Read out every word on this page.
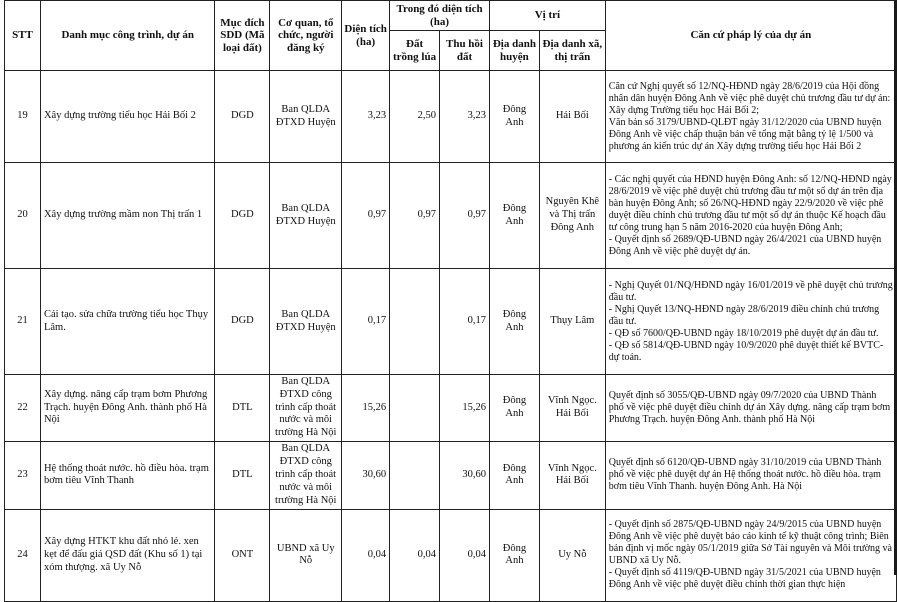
STT	Danh mục công trình, dự án	Mục đích SDD (Mã loại đất)	Cơ quan, tổ chức, người đăng ký	Diện tích (ha)	Trong đó diện tích (ha)		Vị trí		Căn cứ pháp lý của dự án
					Đất trồng lúa	Thu hồi đất	Địa danh huyện	Địa danh xã, thị trấn	
19	Xây dựng trường tiểu học Hải Bối 2	DGD	Ban QLDA ĐTXD Huyện	3,23	2,50	3,23	Đông Anh	Hải Bối	Căn cứ Nghị quyết số 12/NQ-HĐND ngày 28/6/2019 của Hội đồng nhân dân huyện Đông Anh về việc phê duyệt chủ trương đầu tư dự án: Xây dựng Trường tiểu học Hải Bối 2;
Văn bản số 3179/UBND-QLĐT ngày 31/12/2020 của UBND huyện Đông Anh về việc chấp thuận bản vẽ tổng mặt bằng tỷ lệ 1/500 và phương án kiến trúc dự án Xây dựng trường tiểu học Hải Bối 2

20	Xây dựng trường mầm non Thị trấn 1	DGD	Ban QLDA ĐTXD Huyện	0,97	0,97	0,97	Đông Anh	Nguyên Khê và Thị trấn Đông Anh	- Các nghị quyết của HĐND huyện Đông Anh: số 12/NQ-HĐND ngày 28/6/2019 về việc phê duyệt chủ trương đầu tư một số dự án trên địa bàn huyện Đông Anh; số 26/NQ-HĐND ngày 22/9/2020 về việc phê duyệt điều chỉnh chủ trương đầu tư một số dự án thuộc Kế hoạch đầu tư công trung hạn 5 năm 2016-2020 của huyện Đông Anh;
- Quyết định số 2689/QĐ-UBND ngày 26/4/2021 của UBND huyện Đông Anh về việc phê duyệt dự án.

21	Cải tạo. sửa chữa trường tiểu học Thụy Lâm.	DGD	Ban QLDA ĐTXD Huyện	0,17		0,17	Đông Anh	Thụy Lâm	- Nghị Quyết 01/NQ/HĐND ngày 16/01/2019 về phê duyệt chủ trương đầu tư.
- Nghị Quyết 13/NQ-HĐND ngày 28/6/2019 điều chỉnh chủ trương đầu tư.
- QĐ số 7600/QĐ-UBND ngày 18/10/2019 phê duyệt dự án đầu tư.
- QĐ số 5814/QĐ-UBND ngày 10/9/2020 phê duyệt thiết kế BVTC-dự toán.

22	Xây dựng. nâng cấp trạm bơm Phương Trạch. huyện Đông Anh. thành phố Hà Nội	DTL	Ban QLDA ĐTXD công trình cấp thoát nước và môi trường Hà Nội	15,26		15,26	Đông Anh	Vĩnh Ngọc. Hải Bối	Quyết định số 3055/QĐ-UBND ngày 09/7/2020 của UBND Thành phố về việc phê duyệt điều chỉnh dự án Xây dựng. nâng cấp trạm bơm Phương Trạch. huyện Đông Anh. thành phố Hà Nội

23	Hệ thống thoát nước. hồ điều hòa. trạm bơm tiêu Vĩnh Thanh	DTL	Ban QLDA ĐTXD công trình cấp thoát nước và môi trường Hà Nội	30,60		30,60	Đông Anh	Vĩnh Ngọc. Hải Bối	Quyết định số 6120/QĐ-UBND ngày 31/10/2019 của UBND Thành phố về việc phê duyệt dự án Hệ thống thoát nước. hồ điều hòa. trạm bơm tiêu Vĩnh Thanh. huyện Đông Anh. Hà Nội

24	Xây dựng HTKT khu đất nhỏ lẻ. xen kẹt để đấu giá QSD đất (Khu số 1) tại xóm thượng. xã Uy Nỗ	ONT	UBND xã Uy Nỗ	0,04	0,04	0,04	Đông Anh	Uy Nỗ	- Quyết định số 2875/QĐ-UBND ngày 24/9/2015 của UBND huyện Đông Anh về việc phê duyệt báo cáo kinh tế kỹ thuật công trình; Biên bản định vị mốc ngày 05/1/2019 giữa Sở Tài nguyên và Môi trường và UBND xã Uy Nỗ.
- Quyết định số 4119/QĐ-UBND ngày 31/5/2021 của UBND huyện Đông Anh về việc phê duyệt điều chỉnh thời gian thực hiện
